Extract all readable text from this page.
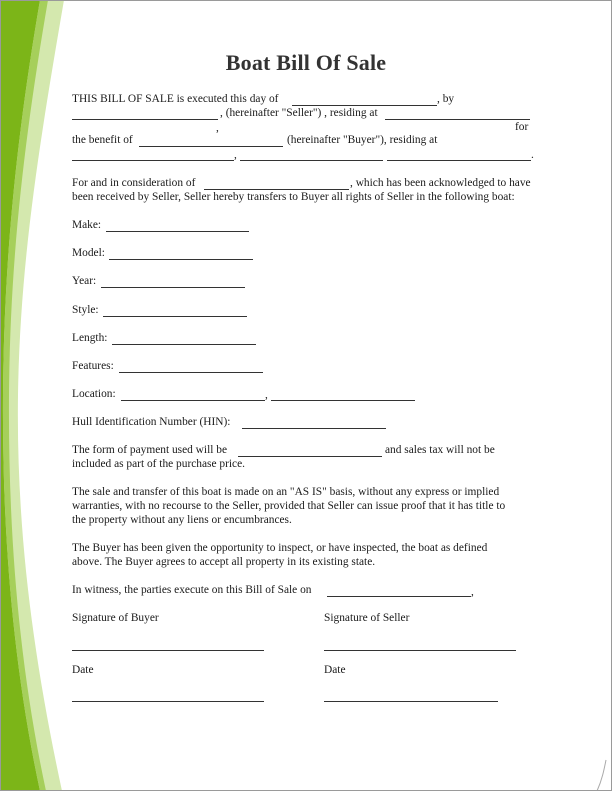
Boat Bill Of Sale
THIS BILL OF SALE is executed this day of	, by
, (hereinafter "Seller") , residing at
,	for
the benefit of	(hereinafter "Buyer"), residing at
,	.
For and in consideration of	, which has been acknowledged to have
been received by Seller, Seller hereby transfers to Buyer all rights of Seller in the following boat:
Make:
Model:
Year:
Style:
Length:
Features:
Location:	,
Hull Identification Number (HIN):
The form of payment used will be	and sales tax will not be
included as part of the purchase price.
The sale and transfer of this boat is made on an "AS IS" basis, without any express or implied
warranties, with no recourse to the Seller, provided that Seller can issue proof that it has title to
the property without any liens or encumbrances.
The Buyer has been given the opportunity to inspect, or have inspected, the boat as defined
above. The Buyer agrees to accept all property in its existing state.
In witness, the parties execute on this Bill of Sale on	,
Signature of Buyer	Signature of Seller
Date	Date
